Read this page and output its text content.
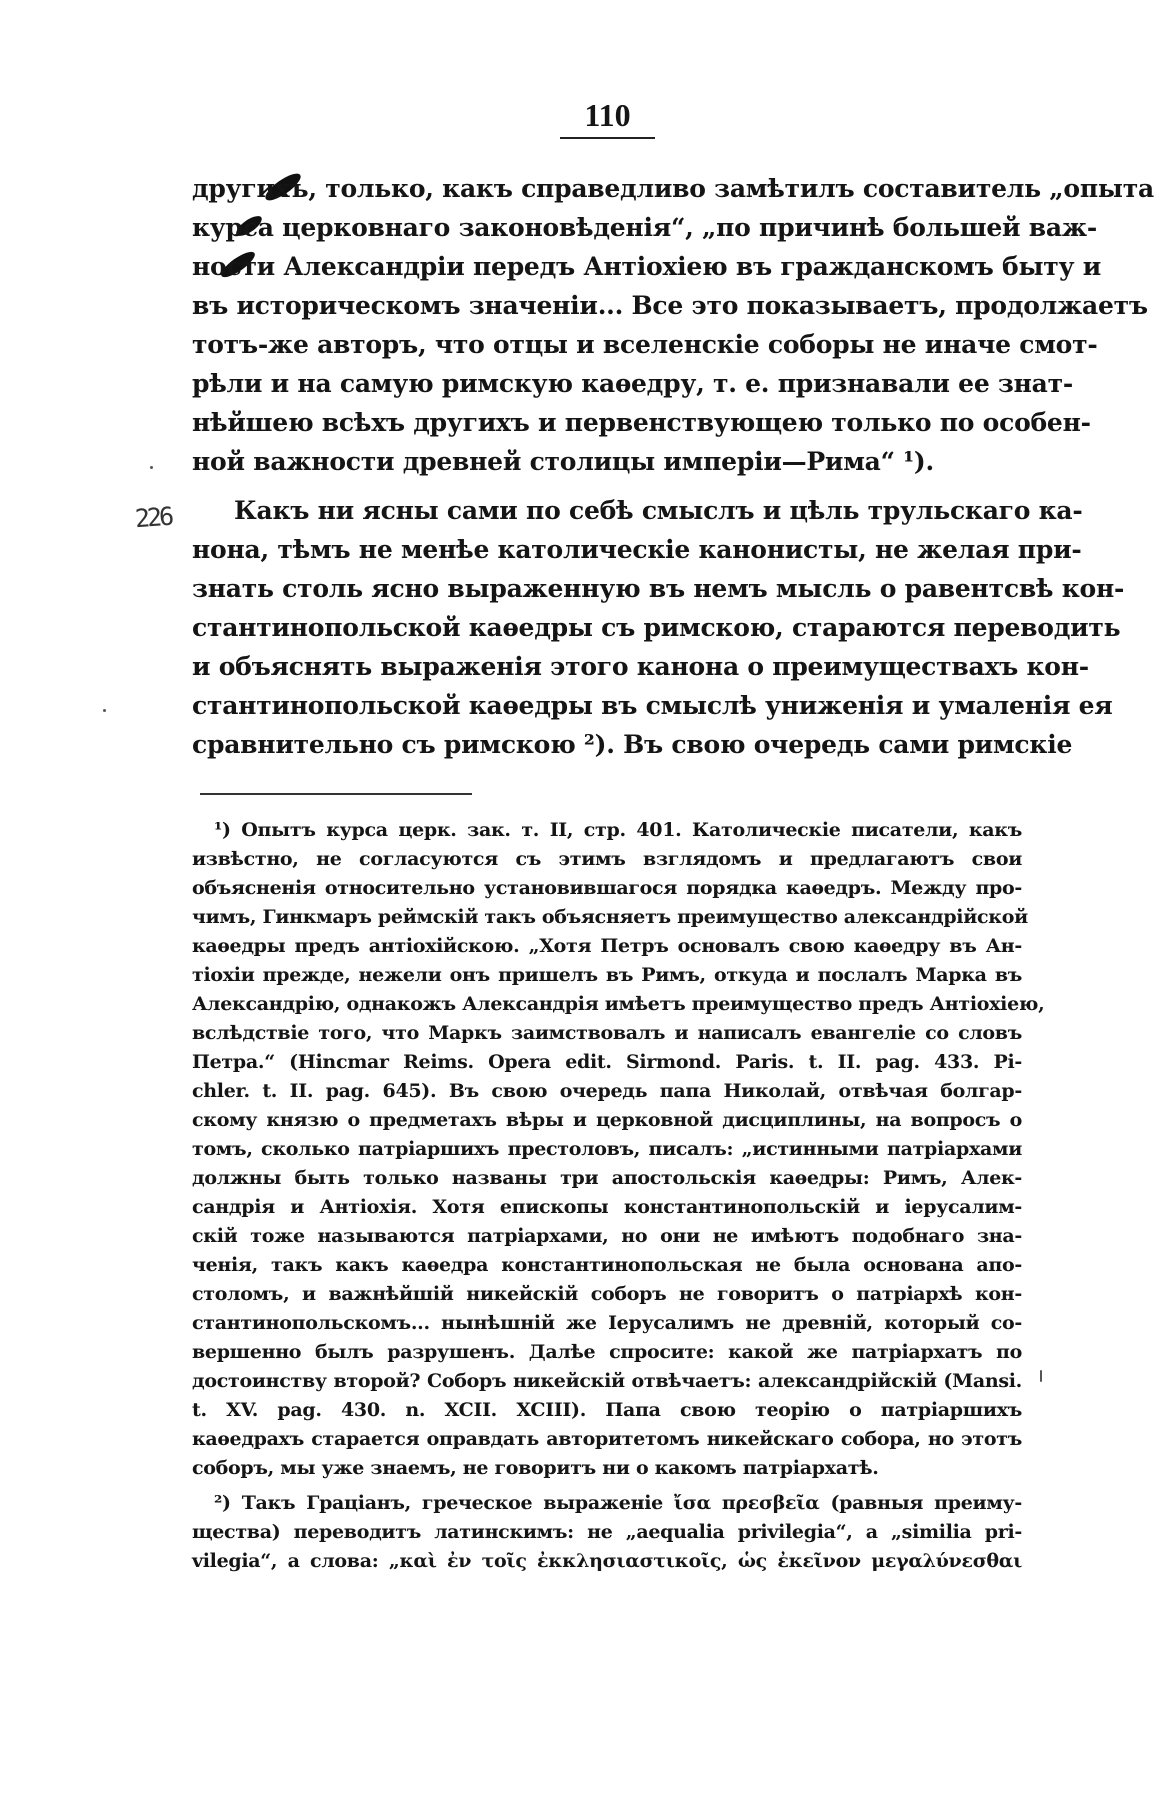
110
226
другихъ, только, какъ справедливо замѣтилъ составитель „опыта
курса церковнаго законовѣденія“, „по причинѣ большей важ-
ности Александріи передъ Антіохіею въ гражданскомъ быту и
въ историческомъ значеніи... Все это показываетъ, продолжаетъ
тотъ-же авторъ, что отцы и вселенскіе соборы не иначе смот-
рѣли и на самую римскую каѳедру, т. е. признавали ее знат-
нѣйшею всѣхъ другихъ и первенствующею только по особен-
ной важности древней столицы имперіи—Рима“ ¹).
Какъ ни ясны сами по себѣ смыслъ и цѣль трульскаго ка-
нона, тѣмъ не менѣе католическіе канонисты, не желая при-
знать столь ясно выраженную въ немъ мысль о равентсвѣ кон-
стантинопольской каѳедры съ римскою, стараются переводить
и объяснять выраженія этого канона о преимуществахъ кон-
стантинопольской каѳедры въ смыслѣ униженія и умаленія ея
сравнительно съ римскою ²). Въ свою очередь сами римскіе
¹) Опытъ курса церк. зак. т. II, стр. 401. Католическіе писатели, какъ
извѣстно, не согласуются съ этимъ взглядомъ и предлагаютъ свои
объясненія относительно установившагося порядка каѳедръ. Между про-
чимъ, Гинкмаръ реймскій такъ объясняетъ преимущество александрійской
каѳедры предъ антіохійскою. „Хотя Петръ основалъ свою каѳедру въ Ан-
тіохіи прежде, нежели онъ пришелъ въ Римъ, откуда и послалъ Марка въ
Александрію, однакожъ Александрія имѣетъ преимущество предъ Антіохіею,
вслѣдствіе того, что Маркъ заимствовалъ и написалъ евангеліе со словъ
Петра.“ (Hincmar Reims. Opera edit. Sirmond. Paris. t. II. pag. 433. Pi-
chler. t. II. pag. 645). Въ свою очередь папа Николай, отвѣчая болгар-
скому князю о предметахъ вѣры и церковной дисциплины, на вопросъ о
томъ, сколько патріаршихъ престоловъ, писалъ: „истинными патріархами
должны быть только названы три апостольскія каѳедры: Римъ, Алек-
сандрія и Антіохія. Хотя епископы константинопольскій и іерусалим-
скій тоже называются патріархами, но они не имѣютъ подобнаго зна-
ченія, такъ какъ каѳедра константинопольская не была основана апо-
столомъ, и важнѣйшій никейскій соборъ не говоритъ о патріархѣ кон-
стантинопольскомъ... нынѣшній же Іерусалимъ не древній, который со-
вершенно былъ разрушенъ. Далѣе спросите: какой же патріархатъ по
достоинству второй? Соборъ никейскій отвѣчаетъ: александрійскій (Mansi.
t. XV. pag. 430. n. XCII. XCIII). Папа свою теорію о патріаршихъ
каѳедрахъ старается оправдать авторитетомъ никейскаго собора, но этотъ
соборъ, мы уже знаемъ, не говоритъ ни о какомъ патріархатѣ.
²) Такъ Граціанъ, греческое выраженіе ἴσα πρεσβεῖα (равныя преиму-
щества) переводитъ латинскимъ: не „aequalia privilegia“, а „similia pri-
vilegia“, а слова: „καὶ ἐν τοῖς ἐκκλησιαστικοῖς, ὡς ἐκεῖνον μεγαλύνεσθαι
